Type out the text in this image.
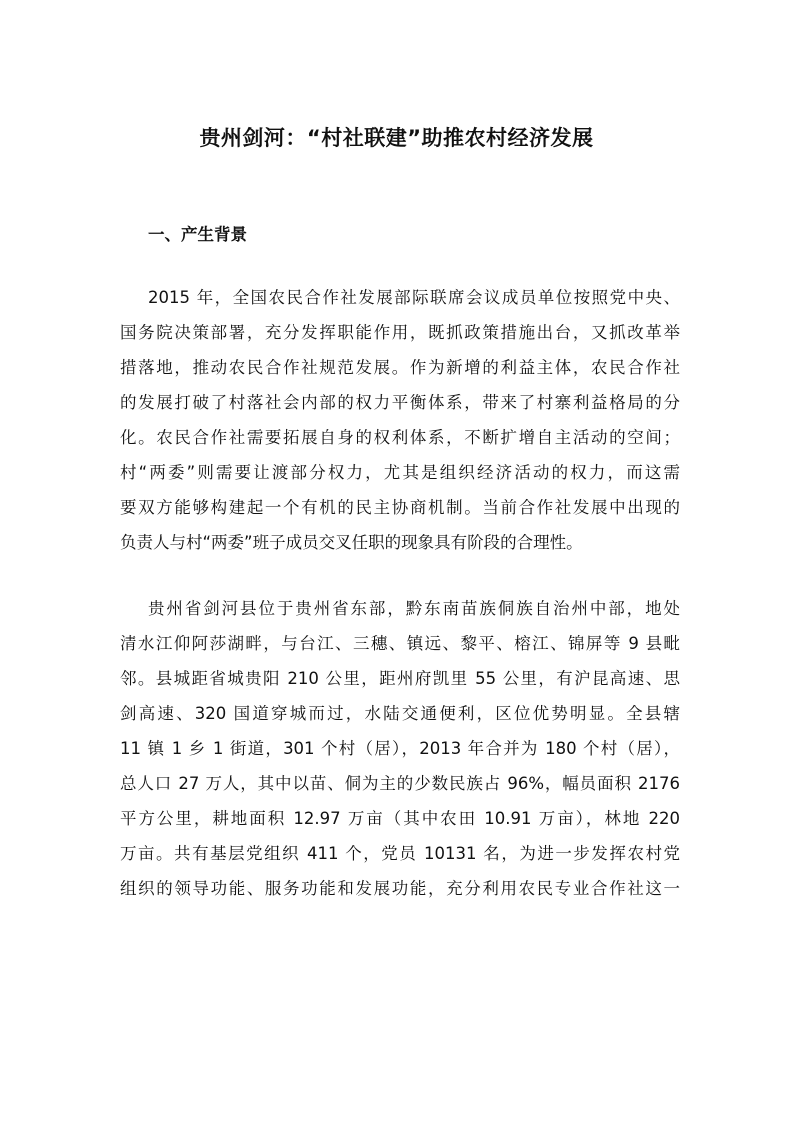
贵州剑河：“村社联建”助推农村经济发展
一、产生背景

2015 年，全国农民合作社发展部际联席会议成员单位按照党中央、

国务院决策部署，充分发挥职能作用，既抓政策措施出台，又抓改革举

措落地，推动农民合作社规范发展。作为新增的利益主体，农民合作社

的发展打破了村落社会内部的权力平衡体系，带来了村寨利益格局的分

化。农民合作社需要拓展自身的权利体系，不断扩增自主活动的空间；

村“两委”则需要让渡部分权力，尤其是组织经济活动的权力，而这需

要双方能够构建起一个有机的民主协商机制。当前合作社发展中出现的

负责人与村“两委”班子成员交叉任职的现象具有阶段的合理性。

贵州省剑河县位于贵州省东部，黔东南苗族侗族自治州中部，地处

清水江仰阿莎湖畔，与台江、三穗、镇远、黎平、榕江、锦屏等 9 县毗

邻。县城距省城贵阳 210 公里，距州府凯里 55 公里，有沪昆高速、思

剑高速、320 国道穿城而过，水陆交通便利，区位优势明显。全县辖

11 镇 1 乡 1 街道，301 个村（居），2013 年合并为 180 个村（居），

总人口 27 万人，其中以苗、侗为主的少数民族占 96%，幅员面积 2176

平方公里，耕地面积 12.97 万亩（其中农田 10.91 万亩），林地 220

万亩。共有基层党组织 411 个，党员 10131 名，为进一步发挥农村党

组织的领导功能、服务功能和发展功能，充分利用农民专业合作社这一
